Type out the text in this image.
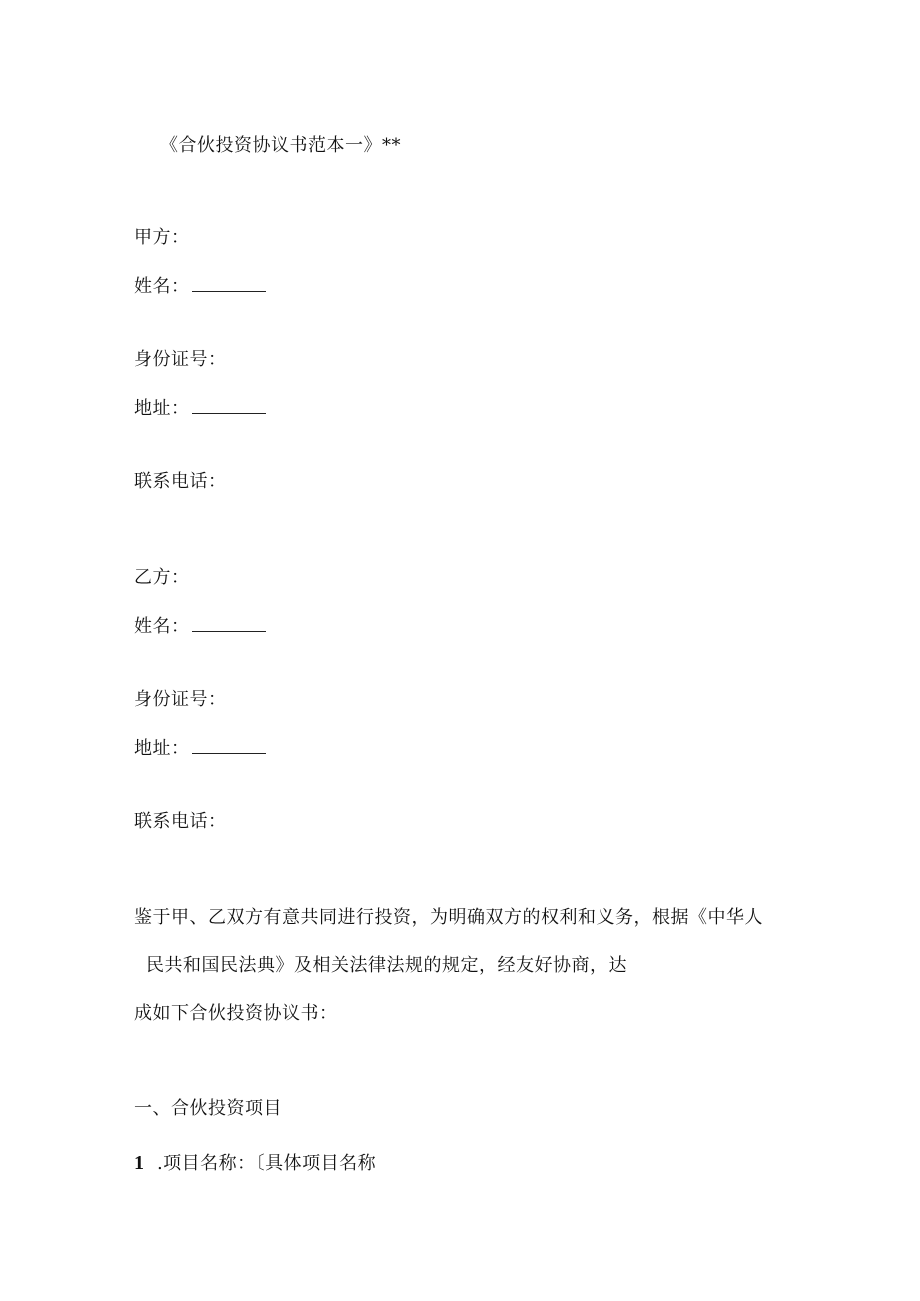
《合伙投资协议书范本一》**
甲方：
姓名：
身份证号：
地址：
联系电话：
乙方：
姓名：
身份证号：
地址：
联系电话：
鉴于甲、乙双方有意共同进行投资，为明确双方的权利和义务，根据《中华人
民共和国民法典》及相关法律法规的规定，经友好协商，达
成如下合伙投资协议书：
一、合伙投资项目
1 .项目名称：〔具体项目名称
